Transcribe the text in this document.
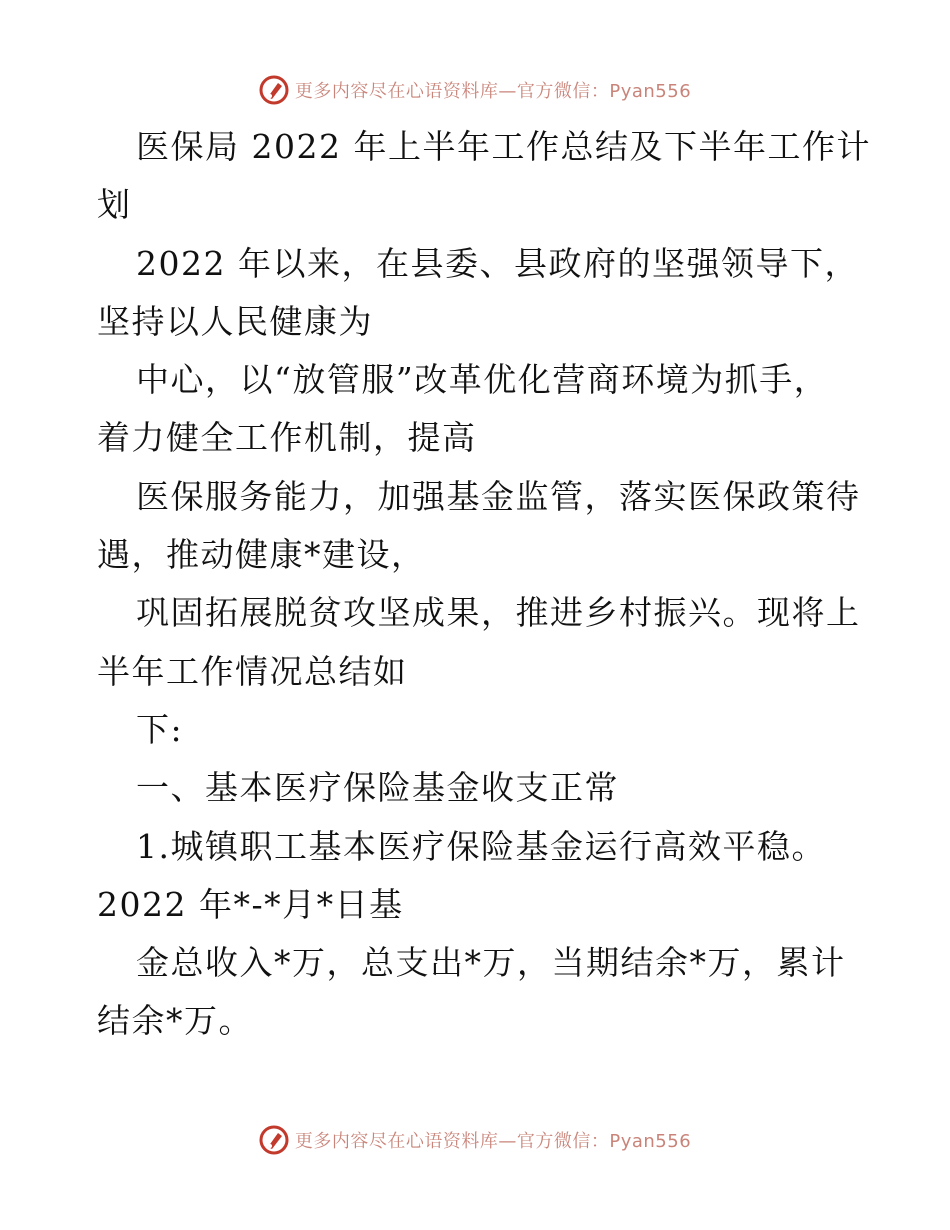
更多内容尽在心语资料库—官方微信：Pyan556
医保局 2022 年上半年工作总结及下半年工作计
划
2022 年以来，在县委、县政府的坚强领导下，
坚持以人民健康为
中心，以“放管服”改革优化营商环境为抓手，
着力健全工作机制，提高
医保服务能力，加强基金监管，落实医保政策待
遇，推动健康*建设，
巩固拓展脱贫攻坚成果，推进乡村振兴。现将上
半年工作情况总结如
下:
一、基本医疗保险基金收支正常
1.城镇职工基本医疗保险基金运行高效平稳。
2022 年*-*月*日基
金总收入*万，总支出*万，当期结余*万，累计
结余*万。
更多内容尽在心语资料库—官方微信：Pyan556
